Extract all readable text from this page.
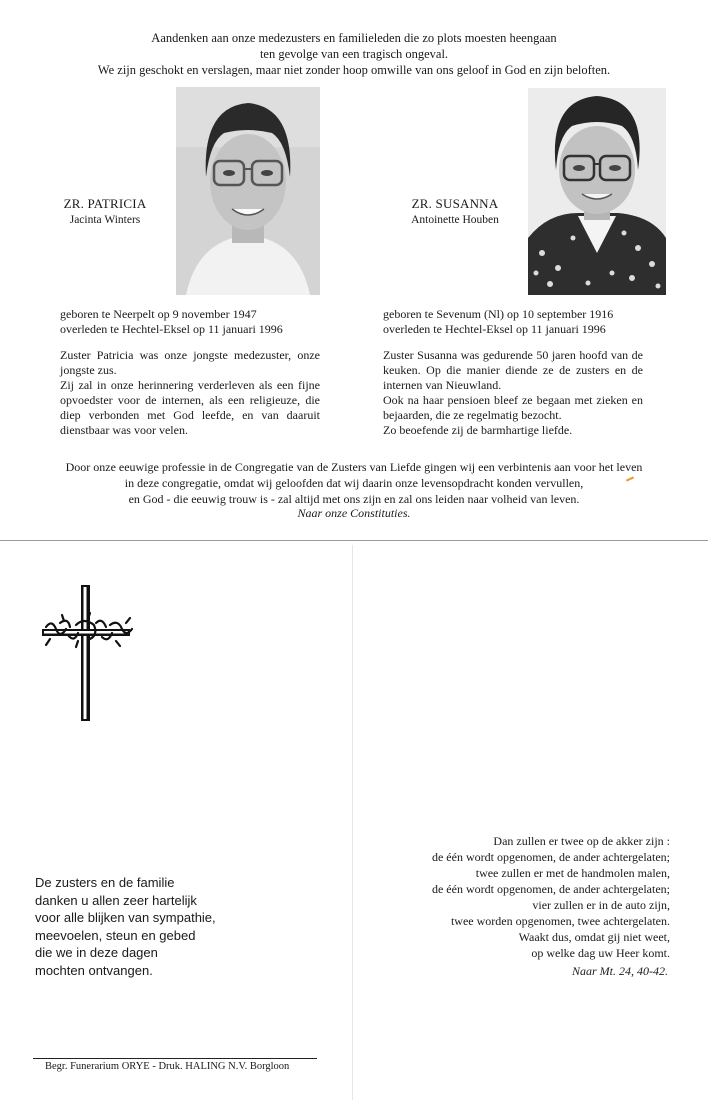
Aandenken aan onze medezusters en familieleden die zo plots moesten heengaan
ten gevolge van een tragisch ongeval.
We zijn geschokt en verslagen, maar niet zonder hoop omwille van ons geloof in God en zijn beloften.
ZR. PATRICIA
Jacinta Winters
ZR. SUSANNA
Antoinette Houben
geboren te Neerpelt op 9 november 1947
overleden te Hechtel-Eksel op 11 januari 1996
Zuster Patricia was onze jongste medezuster, onze jongste zus.
Zij zal in onze herinnering verderleven als een fijne opvoedster voor de internen, als een religieuze, die diep verbonden met God leefde, en van daaruit dienstbaar was voor velen.
geboren te Sevenum (Nl) op 10 september 1916
overleden te Hechtel-Eksel op 11 januari 1996
Zuster Susanna was gedurende 50 jaren hoofd van de keuken. Op die manier diende ze de zusters en de internen van Nieuwland.
Ook na haar pensioen bleef ze begaan met zieken en bejaarden, die ze regelmatig bezocht.
Zo beoefende zij de barmhartige liefde.
Door onze eeuwige professie in de Congregatie van de Zusters van Liefde gingen wij een verbintenis aan voor het leven
in deze congregatie, omdat wij geloofden dat wij daarin onze levensopdracht konden vervullen,
en God - die eeuwig trouw is - zal altijd met ons zijn en zal ons leiden naar volheid van leven.
Naar onze Constituties.
De zusters en de familie
danken u allen zeer hartelijk
voor alle blijken van sympathie,
meevoelen, steun en gebed
die we in deze dagen
mochten ontvangen.
Dan zullen er twee op de akker zijn :
de één wordt opgenomen, de ander achtergelaten;
twee zullen er met de handmolen malen,
de één wordt opgenomen, de ander achtergelaten;
vier zullen er in de auto zijn,
twee worden opgenomen, twee achtergelaten.
Waakt dus, omdat gij niet weet,
op welke dag uw Heer komt.
Naar Mt. 24, 40-42.
Begr. Funerarium ORYE - Druk. HALING N.V. Borgloon
